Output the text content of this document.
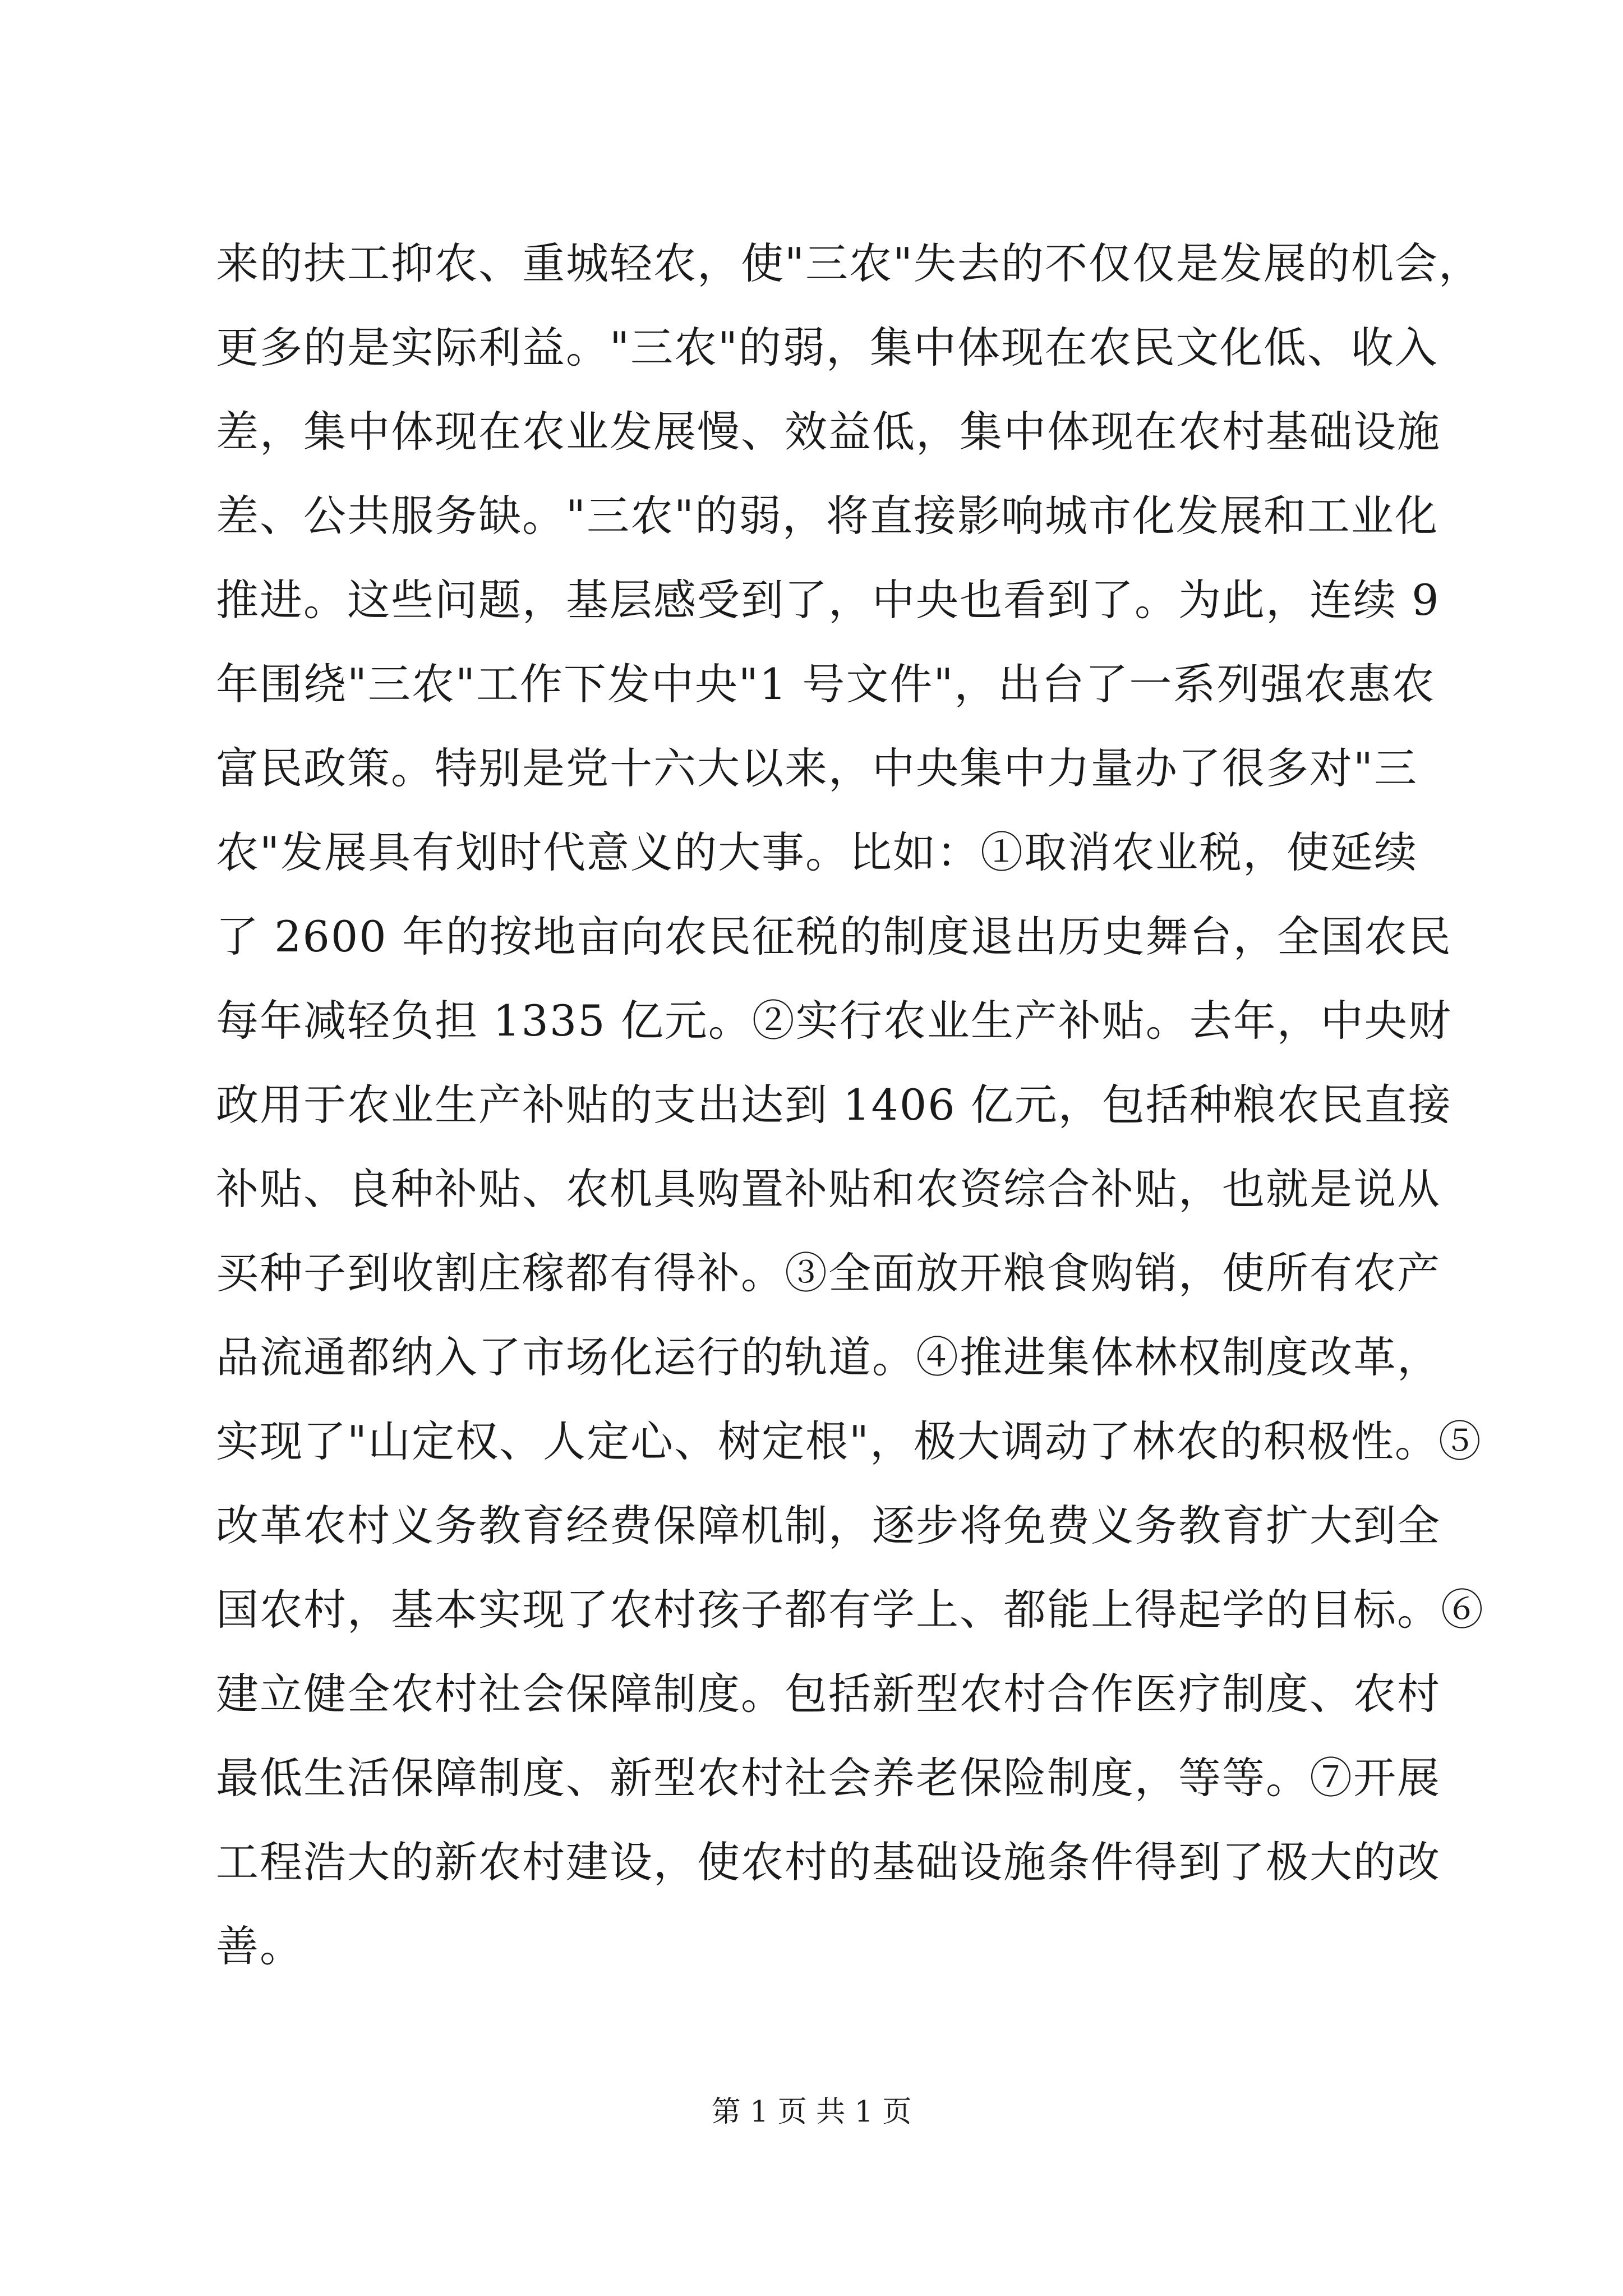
来的扶工抑农、重城轻农，使"三农"失去的不仅仅是发展的机会，
更多的是实际利益。"三农"的弱，集中体现在农民文化低、收入
差，集中体现在农业发展慢、效益低，集中体现在农村基础设施
差、公共服务缺。"三农"的弱，将直接影响城市化发展和工业化
推进。这些问题，基层感受到了，中央也看到了。为此，连续 9
年围绕"三农"工作下发中央"1 号文件"，出台了一系列强农惠农
富民政策。特别是党十六大以来，中央集中力量办了很多对"三
农"发展具有划时代意义的大事。比如：①取消农业税，使延续
了 2600 年的按地亩向农民征税的制度退出历史舞台，全国农民
每年减轻负担 1335 亿元。②实行农业生产补贴。去年，中央财
政用于农业生产补贴的支出达到 1406 亿元，包括种粮农民直接
补贴、良种补贴、农机具购置补贴和农资综合补贴，也就是说从
买种子到收割庄稼都有得补。③全面放开粮食购销，使所有农产
品流通都纳入了市场化运行的轨道。④推进集体林权制度改革，
实现了"山定权、人定心、树定根"，极大调动了林农的积极性。⑤
改革农村义务教育经费保障机制，逐步将免费义务教育扩大到全
国农村，基本实现了农村孩子都有学上、都能上得起学的目标。⑥
建立健全农村社会保障制度。包括新型农村合作医疗制度、农村
最低生活保障制度、新型农村社会养老保险制度，等等。⑦开展
工程浩大的新农村建设，使农村的基础设施条件得到了极大的改
善。
第 1 页 共 1 页
